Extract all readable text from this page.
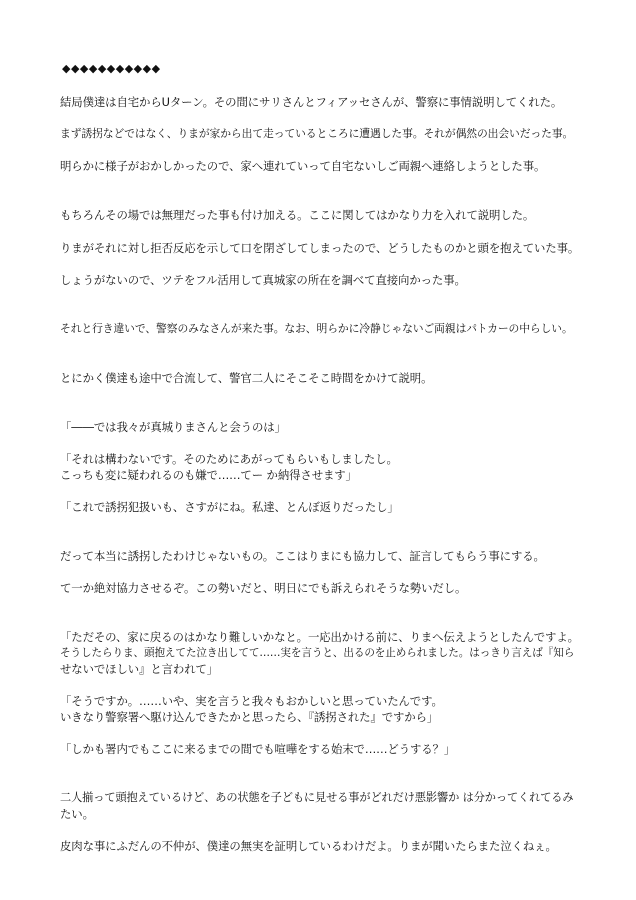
◆◆◆◆◆◆◆◆◆◆◆
結局僕達は自宅からUターン。その間にサリさんとフィアッセさんが、警察に事情説明してくれた。
まず誘拐などではなく、りまが家から出て走っているところに遭遇した事。それが偶然の出会いだった事。
明らかに様子がおかしかったので、家へ連れていって自宅ないしご両親へ連絡しようとした事。
もちろんその場では無理だった事も付け加える。ここに関してはかなり力を入れて説明した。
りまがそれに対し拒否反応を示して口を閉ざしてしまったので、どうしたものかと頭を抱えていた事。
しょうがないので、ツテをフル活用して真城家の所在を調べて直接向かった事。
それと行き違いで、警察のみなさんが来た事。なお、明らかに冷静じゃないご両親はパトカーの中らしい。
とにかく僕達も途中で合流して、警官二人にそこそこ時間をかけて説明。
「――では我々が真城りまさんと会うのは」
「それは構わないです。そのためにあがってもらいもしましたし。
こっちも変に疑われるのも嫌で……てー か納得させます」
「これで誘拐犯扱いも、さすがにね。私達、とんぼ返りだったし」
だって本当に誘拐したわけじゃないもの。ここはりまにも協力して、証言してもらう事にする。
て一か絶対協力させるぞ。この勢いだと、明日にでも訴えられそうな勢いだし。
「ただその、家に戻るのはかなり難しいかなと。一応出かける前に、りまへ伝えようとしたんですよ。
そうしたらりま、頭抱えてた泣き出してて……実を言うと、出るのを止められました。はっきり言えば『知ら
せないでほしい』と言われて」
「そうですか。……いや、実を言うと我々もおかしいと思っていたんです。
いきなり警察署へ駆け込んできたかと思ったら、『誘拐された』ですから」
「しかも署内でもここに来るまでの間でも喧嘩をする始末で……どうする？」
二人揃って頭抱えているけど、あの状態を子どもに見せる事がどれだけ悪影響か は分かってくれてるみ
たい。
皮肉な事にふだんの不仲が、僕達の無実を証明しているわけだよ。りまが聞いたらまた泣くねぇ。
